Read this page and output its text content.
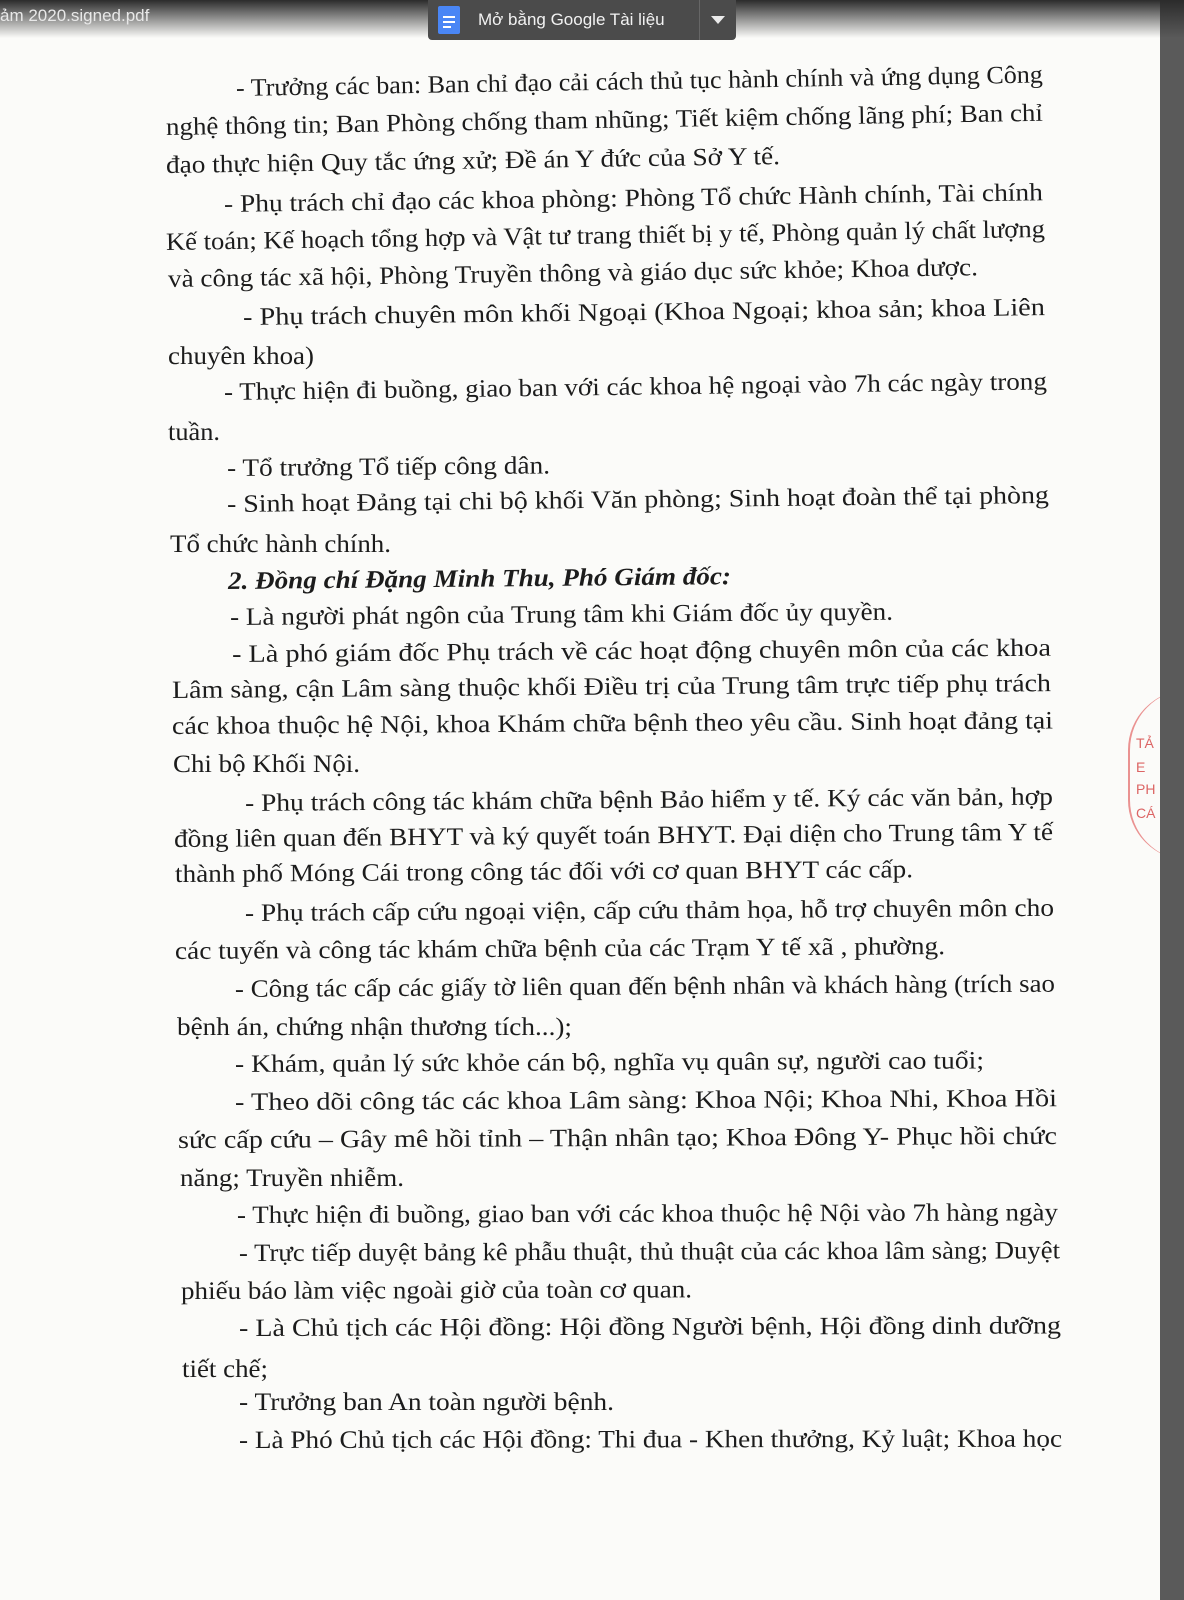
- Trưởng các ban: Ban chỉ đạo cải cách thủ tục hành chính và ứng dụng Công
nghệ thông tin; Ban Phòng chống tham nhũng; Tiết kiệm chống lãng phí; Ban chỉ
đạo thực hiện Quy tắc ứng xử; Đề án Y đức của Sở Y tế.
- Phụ trách chỉ đạo các khoa phòng: Phòng Tổ chức Hành chính, Tài chính
Kế toán; Kế hoạch tổng hợp và Vật tư trang thiết bị y tế, Phòng quản lý chất lượng
và công tác xã hội, Phòng Truyền thông và giáo dục sức khỏe; Khoa dược.
- Phụ trách chuyên môn khối Ngoại (Khoa Ngoại; khoa sản; khoa Liên
chuyên khoa)
- Thực hiện đi buồng, giao ban với các khoa hệ ngoại vào 7h các ngày trong
tuần.
- Tổ trưởng Tổ tiếp công dân.
- Sinh hoạt Đảng tại chi bộ khối Văn phòng; Sinh hoạt đoàn thể tại phòng
Tổ chức hành chính.
2. Đồng chí Đặng Minh Thu, Phó Giám đốc:
- Là người phát ngôn của Trung tâm khi Giám đốc ủy quyền.
- Là phó giám đốc Phụ trách về các hoạt động chuyên môn của các khoa
Lâm sàng, cận Lâm sàng thuộc khối Điều trị của Trung tâm trực tiếp phụ trách
các khoa thuộc hệ Nội, khoa Khám chữa bệnh theo yêu cầu. Sinh hoạt đảng tại
Chi bộ Khối Nội.
- Phụ trách công tác khám chữa bệnh Bảo hiểm y tế. Ký các văn bản, hợp
đồng liên quan đến BHYT và ký quyết toán BHYT. Đại diện cho Trung tâm Y tế
thành phố Móng Cái trong công tác đối với cơ quan BHYT các cấp.
- Phụ trách cấp cứu ngoại viện, cấp cứu thảm họa, hỗ trợ chuyên môn cho
các tuyến và công tác khám chữa bệnh của các Trạm Y tế xã , phường.
- Công tác cấp các giấy tờ liên quan đến bệnh nhân và khách hàng (trích sao
bệnh án, chứng nhận thương tích...);
- Khám, quản lý sức khỏe cán bộ, nghĩa vụ quân sự, người cao tuổi;
- Theo dõi công tác các khoa Lâm sàng: Khoa Nội; Khoa Nhi, Khoa Hồi
sức cấp cứu – Gây mê hồi tỉnh – Thận nhân tạo; Khoa Đông Y- Phục hồi chức
năng; Truyền nhiễm.
- Thực hiện đi buồng, giao ban với các khoa thuộc hệ Nội vào 7h hàng ngày
- Trực tiếp duyệt bảng kê phẫu thuật, thủ thuật của các khoa lâm sàng; Duyệt
phiếu báo làm việc ngoài giờ của toàn cơ quan.
- Là Chủ tịch các Hội đồng: Hội đồng Người bệnh, Hội đồng dinh dưỡng
tiết chế;
- Trưởng ban An toàn người bệnh.
- Là Phó Chủ tịch các Hội đồng: Thi đua - Khen thưởng, Kỷ luật; Khoa học
TẢ
E
PH
CÁ
ảm 2020.signed.pdf	Mở bằng Google Tài liệu
